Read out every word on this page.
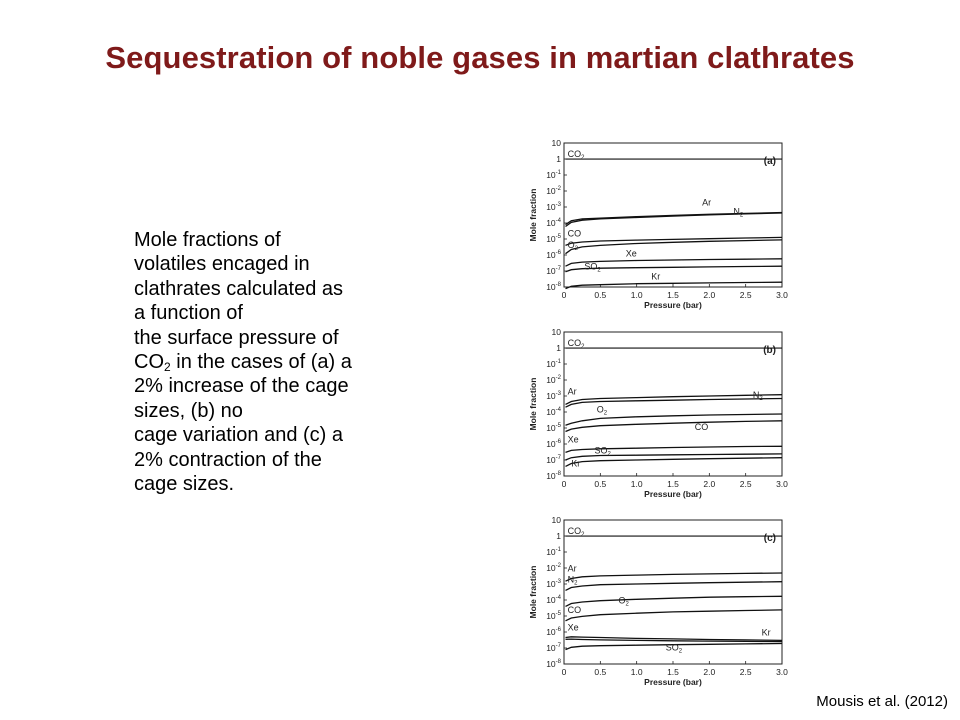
Sequestration of noble gases in martian clathrates
Mole fractions of
volatiles encaged in
clathrates calculated as
a function of
the surface pressure of
$CO_2$ in the cases of (a) a
2% increase of the cage
sizes, (b) no
cage variation and (c) a
2% contraction of the
cage sizes.
10
1
$10^{-1}$
$10^{-2}$
$10^{-3}$
$10^{-4}$
$10^{-5}$
$10^{-6}$
$10^{-7}$
$10^{-8}$
0	0.5	1.0	1.5	2.0	2.5	3.0
Pressure (bar)
Mole fraction
(a)
$CO_2$
Ar
$N_2$
CO
$O_2$	Xe
$SO_2$
Kr
10
1
$10^{-1}$
$10^{-2}$
$10^{-3}$
$10^{-4}$
$10^{-5}$
$10^{-6}$
$10^{-7}$
$10^{-8}$
0	0.5	1.0	1.5	2.0	2.5	3.0
Pressure (bar)
Mole fraction
(b)
$CO_2$
Ar	$N_2$
$O_2$
CO
Xe
$SO_2$
Kr
10
1
$10^{-1}$
$10^{-2}$
$10^{-3}$
$10^{-4}$
$10^{-5}$
$10^{-6}$
$10^{-7}$
$10^{-8}$
0	0.5	1.0	1.5	2.0	2.5	3.0
Pressure (bar)
Mole fraction
(c)
$CO_2$
Ar
$N_2$
$O_2$
CO
Xe	Kr
$SO_2$
Mousis et al. (2012)
